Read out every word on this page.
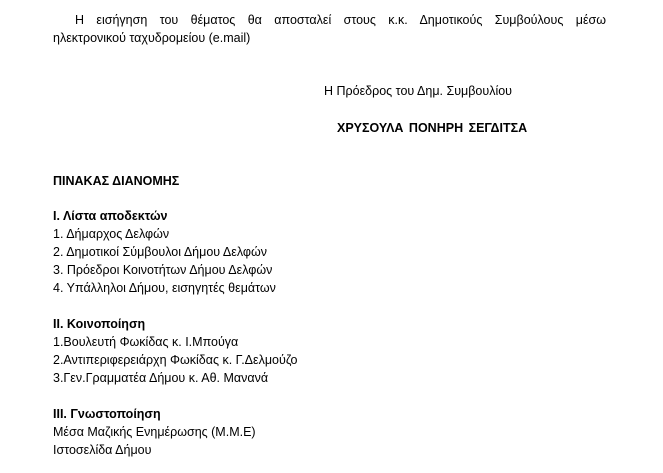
Η εισήγηση του θέματος θα αποσταλεί στους κ.κ. Δημοτικούς Συμβούλους μέσω
ηλεκτρονικού ταχυδρομείου (e.mail)
Η Πρόεδρος του Δημ. Συμβουλίου
ΧΡΥΣΟΥΛΑ ΠΟΝΗΡΗ ΣΕΓΔΙΤΣΑ
ΠΙΝΑΚΑΣ ΔΙΑΝΟΜΗΣ
Ι. Λίστα αποδεκτών
1. Δήμαρχος Δελφών
2. Δημοτικοί Σύμβουλοι Δήμου Δελφών
3. Πρόεδροι Κοινοτήτων Δήμου Δελφών
4. Υπάλληλοι Δήμου, εισηγητές θεμάτων
ΙΙ. Κοινοποίηση
1.Βουλευτή Φωκίδας κ. Ι.Μπούγα
2.Αντιπεριφερειάρχη Φωκίδας κ. Γ.Δελμούζο
3.Γεν.Γραμματέα Δήμου κ. Αθ. Μανανά
ΙΙΙ. Γνωστοποίηση
Μέσα Μαζικής Ενημέρωσης (Μ.Μ.Ε)
Ιστοσελίδα Δήμου
